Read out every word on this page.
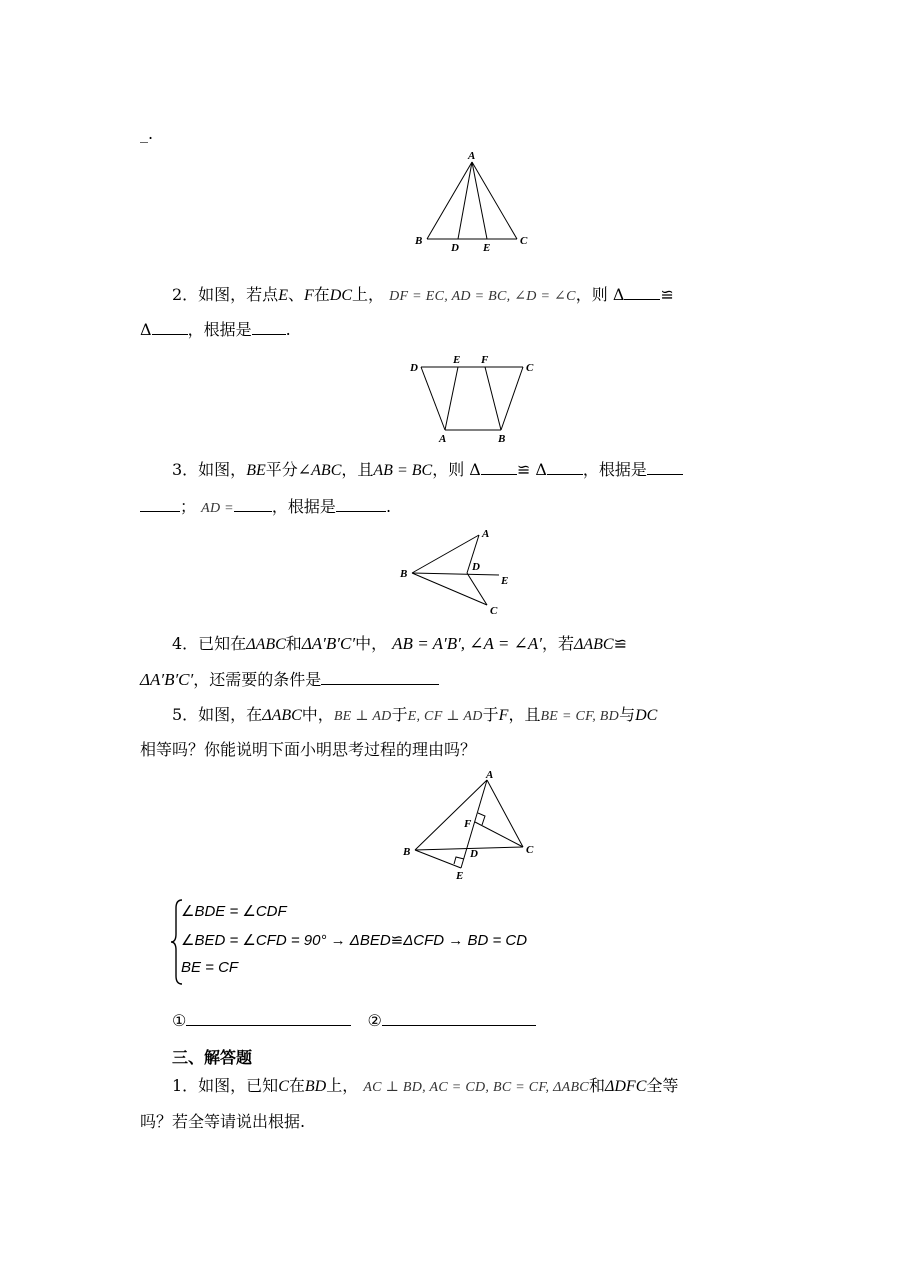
_.
A
B
D E
C
2．如图，若点E、F在DC上， DF = EC, AD = BC, ∠D = ∠C，则 Δ ≌
Δ ，根据是 .
D
E F
C
A	B
3．如图，BE平分∠ABC，且AB = BC，则 Δ ≌ Δ ，根据是
； AD = ，根据是	.
A
B
D
E
C
4．已知在ΔABC和ΔA′B′C′中， AB = A′B′, ∠A = ∠A′，若ΔABC≌
ΔA′B′C′，还需要的条件是
5．如图，在ΔABC中，BE ⊥ AD于E, CF ⊥ AD于F，且BE = CF, BD与DC
相等吗？你能说明下面小明思考过程的理由吗？
A
F
B	D	C
E
∠BDE = ∠CDF
∠BED = ∠CFD = 90° → ΔBED≌ΔCFD → BD = CD
BE = CF
①	②
三、解答题
1．如图，已知C在BD上， AC ⊥ BD, AC = CD, BC = CF, ΔABC和ΔDFC全等
吗？若全等请说出根据.
